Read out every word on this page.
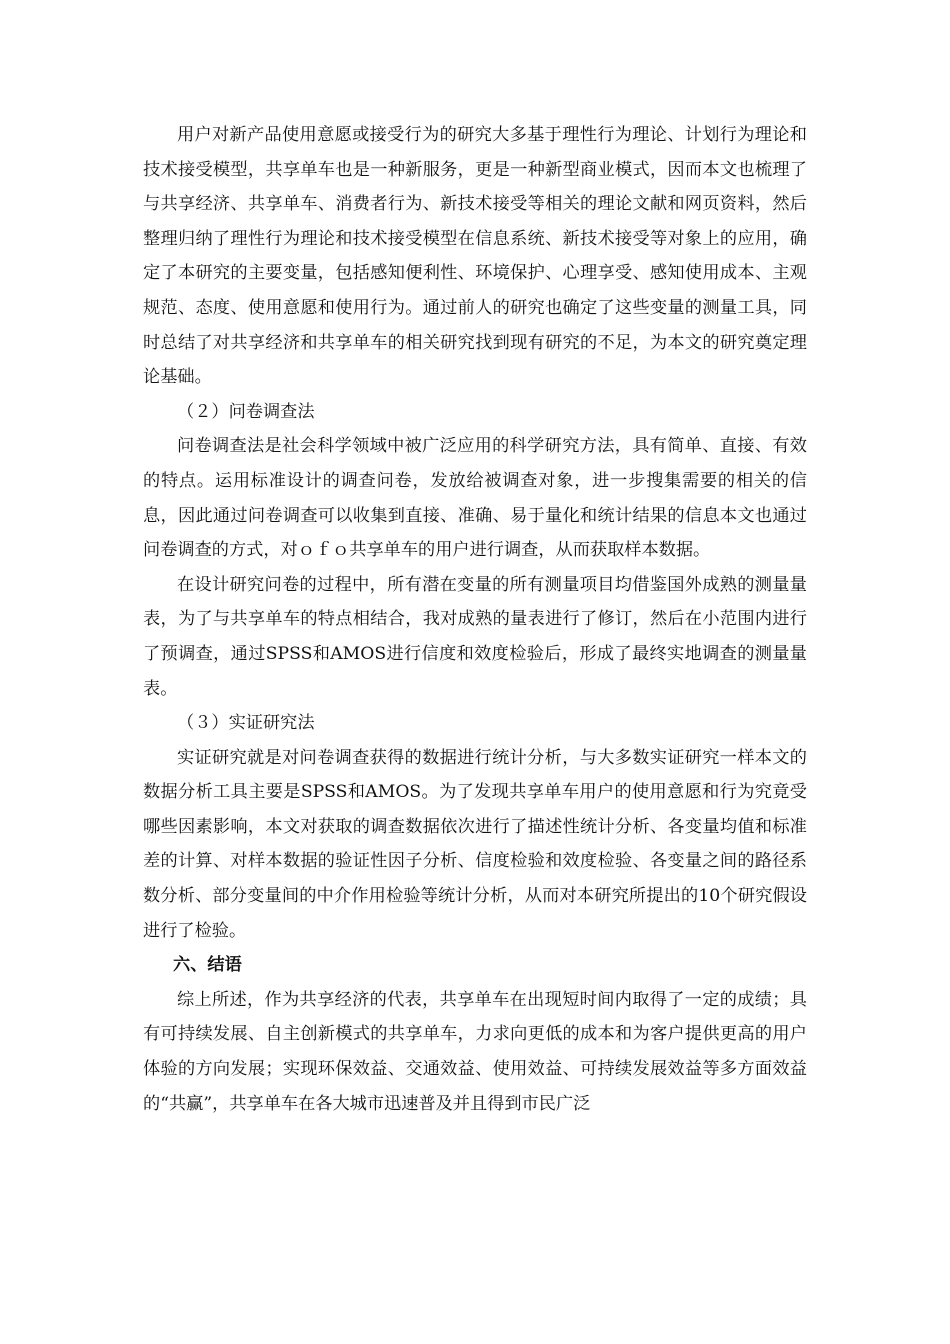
用户对新产品使用意愿或接受行为的研究大多基于理性行为理论、计划行为理论和技术接受模型，共享单车也是一种新服务，更是一种新型商业模式，因而本文也梳理了与共享经济、共享单车、消费者行为、新技术接受等相关的理论文献和网页资料，然后整理归纳了理性行为理论和技术接受模型在信息系统、新技术接受等对象上的应用，确定了本研究的主要变量，包括感知便利性、环境保护、心理享受、感知使用成本、主观规范、态度、使用意愿和使用行为。通过前人的研究也确定了这些变量的测量工具，同时总结了对共享经济和共享单车的相关研究找到现有研究的不足，为本文的研究奠定理论基础。

（２）问卷调查法

问卷调查法是社会科学领域中被广泛应用的科学研究方法，具有简单、直接、有效的特点。运用标准设计的调查问卷，发放给被调查对象，进一步搜集需要的相关的信息，因此通过问卷调查可以收集到直接、准确、易于量化和统计结果的信息本文也通过问卷调查的方式，对ｏｆｏ共享单车的用户进行调查，从而获取样本数据。

在设计研究问卷的过程中，所有潜在变量的所有测量项目均借鉴国外成熟的测量量表，为了与共享单车的特点相结合，我对成熟的量表进行了修订，然后在小范围内进行了预调查，通过SPSS和AMOS进行信度和效度检验后，形成了最终实地调查的测量量表。

（３）实证研究法

实证研究就是对问卷调查获得的数据进行统计分析，与大多数实证研究一样本文的数据分析工具主要是SPSS和AMOS。为了发现共享单车用户的使用意愿和行为究竟受哪些因素影响，本文对获取的调查数据依次进行了描述性统计分析、各变量均值和标准差的计算、对样本数据的验证性因子分析、信度检验和效度检验、各变量之间的路径系数分析、部分变量间的中介作用检验等统计分析，从而对本研究所提出的10个研究假设进行了检验。

六、结语

综上所述，作为共享经济的代表，共享单车在出现短时间内取得了一定的成绩；具有可持续发展、自主创新模式的共享单车，力求向更低的成本和为客户提供更高的用户体验的方向发展；实现环保效益、交通效益、使用效益、可持续发展效益等多方面效益的“共赢”，共享单车在各大城市迅速普及并且得到市民广泛
